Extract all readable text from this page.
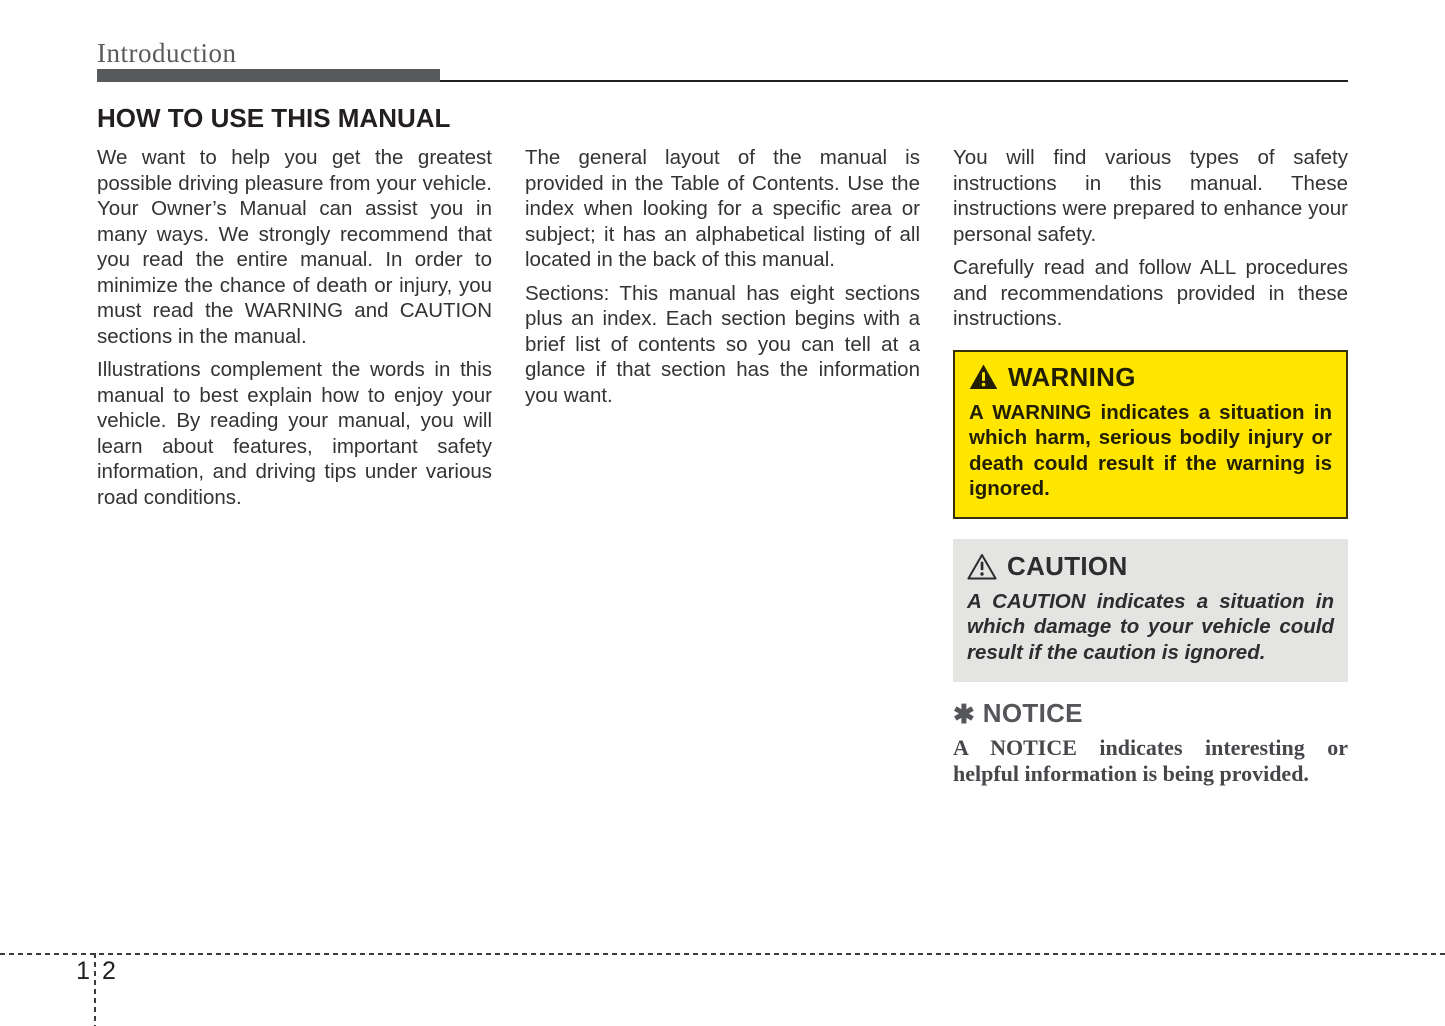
Introduction
HOW TO USE THIS MANUAL

We want to help you get the greatest possible driving pleasure from your vehicle. Your Owner’s Manual can assist you in many ways. We strongly recommend that you read the entire manual. In order to minimize the chance of death or injury, you must read the WARNING and CAUTION sections in the manual.

Illustrations complement the words in this manual to best explain how to enjoy your vehicle. By reading your manual, you will learn about features, important safety information, and driving tips under various road conditions.

The general layout of the manual is provided in the Table of Contents. Use the index when looking for a specific area or subject; it has an alphabetical listing of all located in the back of this manual.

Sections: This manual has eight sections plus an index. Each section begins with a brief list of contents so you can tell at a glance if that section has the information you want.

You will find various types of safety instructions in this manual. These instructions were prepared to enhance your personal safety.

Carefully read and follow ALL procedures and recommendations provided in these instructions.

WARNING

A WARNING indicates a situation in which harm, serious bodily injury or death could result if the warning is ignored.

CAUTION

A CAUTION indicates a situation in which damage to your vehicle could result if the caution is ignored.

✱ NOTICE

A NOTICE indicates interesting or helpful information is being provided.

1 2
